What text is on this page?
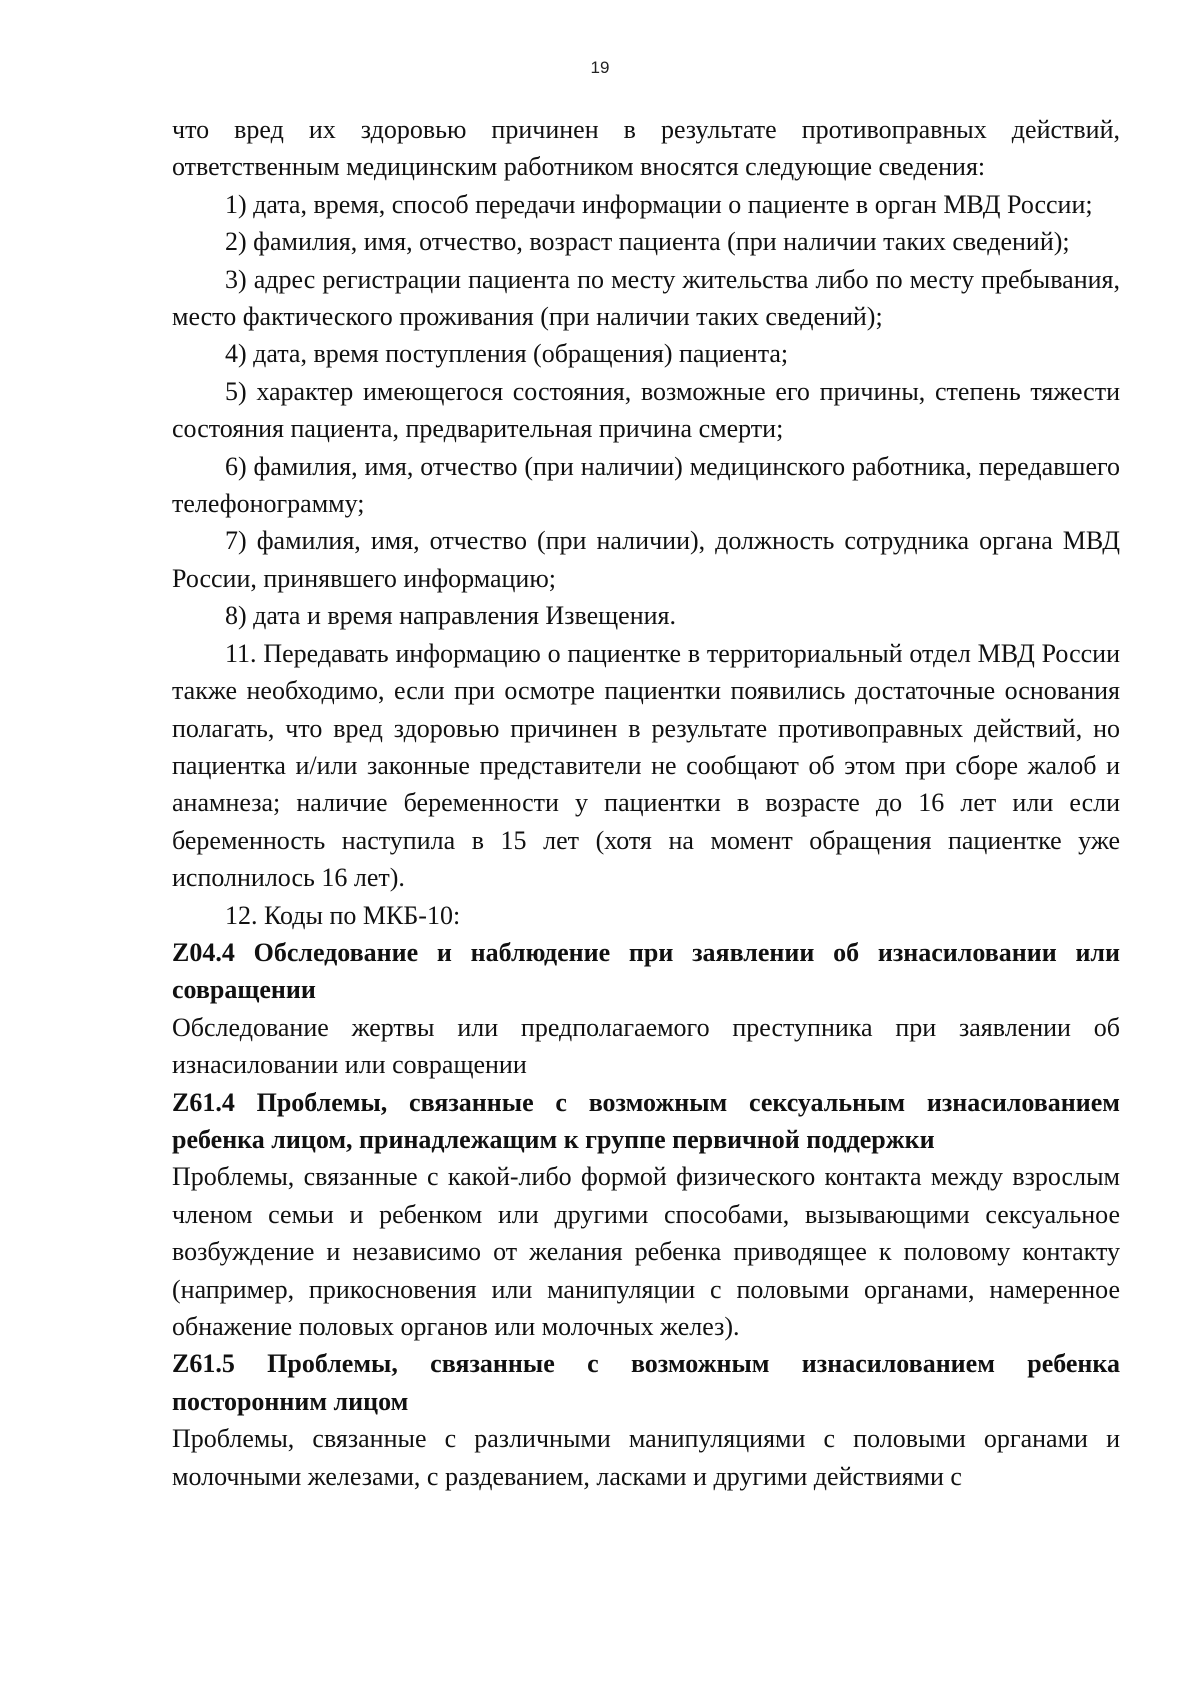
19

что вред их здоровью причинен в результате противоправных действий, ответственным медицинским работником вносятся следующие сведения:

1) дата, время, способ передачи информации о пациенте в орган МВД России;

2) фамилия, имя, отчество, возраст пациента (при наличии таких сведений);

3) адрес регистрации пациента по месту жительства либо по месту пребывания, место фактического проживания (при наличии таких сведений);

4) дата, время поступления (обращения) пациента;

5) характер имеющегося состояния, возможные его причины, степень тяжести состояния пациента, предварительная причина смерти;

6) фамилия, имя, отчество (при наличии) медицинского работника, передавшего телефонограмму;

7) фамилия, имя, отчество (при наличии), должность сотрудника органа МВД России, принявшего информацию;

8) дата и время направления Извещения.

11. Передавать информацию о пациентке в территориальный отдел МВД России также необходимо, если при осмотре пациентки появились достаточные основания полагать, что вред здоровью причинен в результате противоправных действий, но пациентка и/или законные представители не сообщают об этом при сборе жалоб и анамнеза; наличие беременности у пациентки в возрасте до 16 лет или если беременность наступила в 15 лет (хотя на момент обращения пациентке уже исполнилось 16 лет).

12. Коды по МКБ-10:

Z04.4 Обследование и наблюдение при заявлении об изнасиловании или совращении

Обследование жертвы или предполагаемого преступника при заявлении об изнасиловании или совращении

Z61.4 Проблемы, связанные с возможным сексуальным изнасилованием ребенка лицом, принадлежащим к группе первичной поддержки

Проблемы, связанные с какой-либо формой физического контакта между взрослым членом семьи и ребенком или другими способами, вызывающими сексуальное возбуждение и независимо от желания ребенка приводящее к половому контакту (например, прикосновения или манипуляции с половыми органами, намеренное обнажение половых органов или молочных желез).

Z61.5 Проблемы, связанные с возможным изнасилованием ребенка посторонним лицом

Проблемы, связанные с различными манипуляциями с половыми органами и молочными железами, с раздеванием, ласками и другими действиями с
